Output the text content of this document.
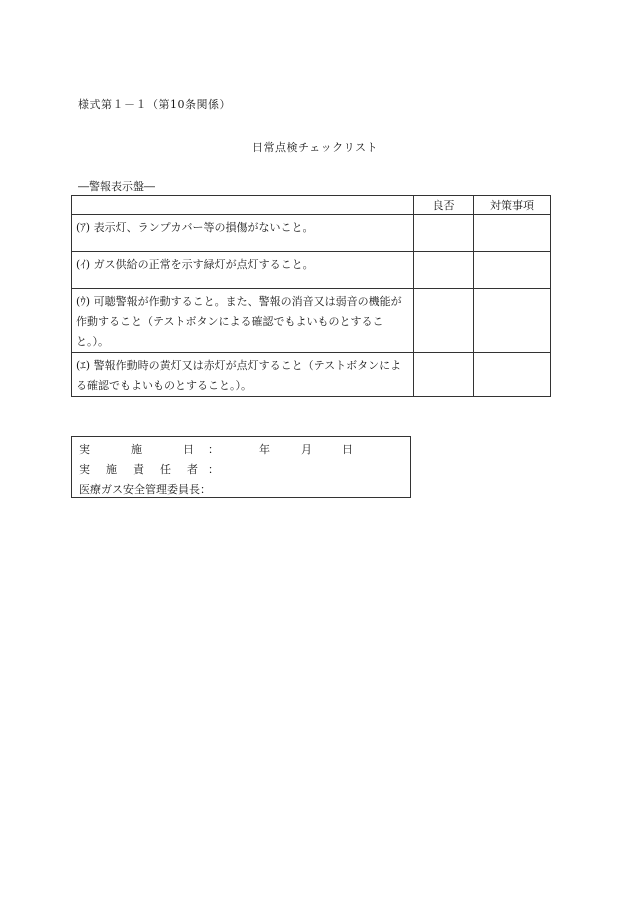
様式第１－１（第10条関係）
日常点検チェックリスト
―警報表示盤―
	良否	対策事項
(ｱ) 表示灯、ランプカバー等の損傷がないこと。		
(ｲ) ガス供給の正常を示す緑灯が点灯すること。		
(ｳ) 可聴警報が作動すること。また、警報の消音又は弱音の機能が作動すること（テストボタンによる確認でもよいものとすること。）。		
(ｴ) 警報作動時の黄灯又は赤灯が点灯すること（テストボタンによる確認でもよいものとすること。）。		
実	施	日 ：	年	月	日
実 施 責 任 者 ：
医療ガス安全管理委員長：
